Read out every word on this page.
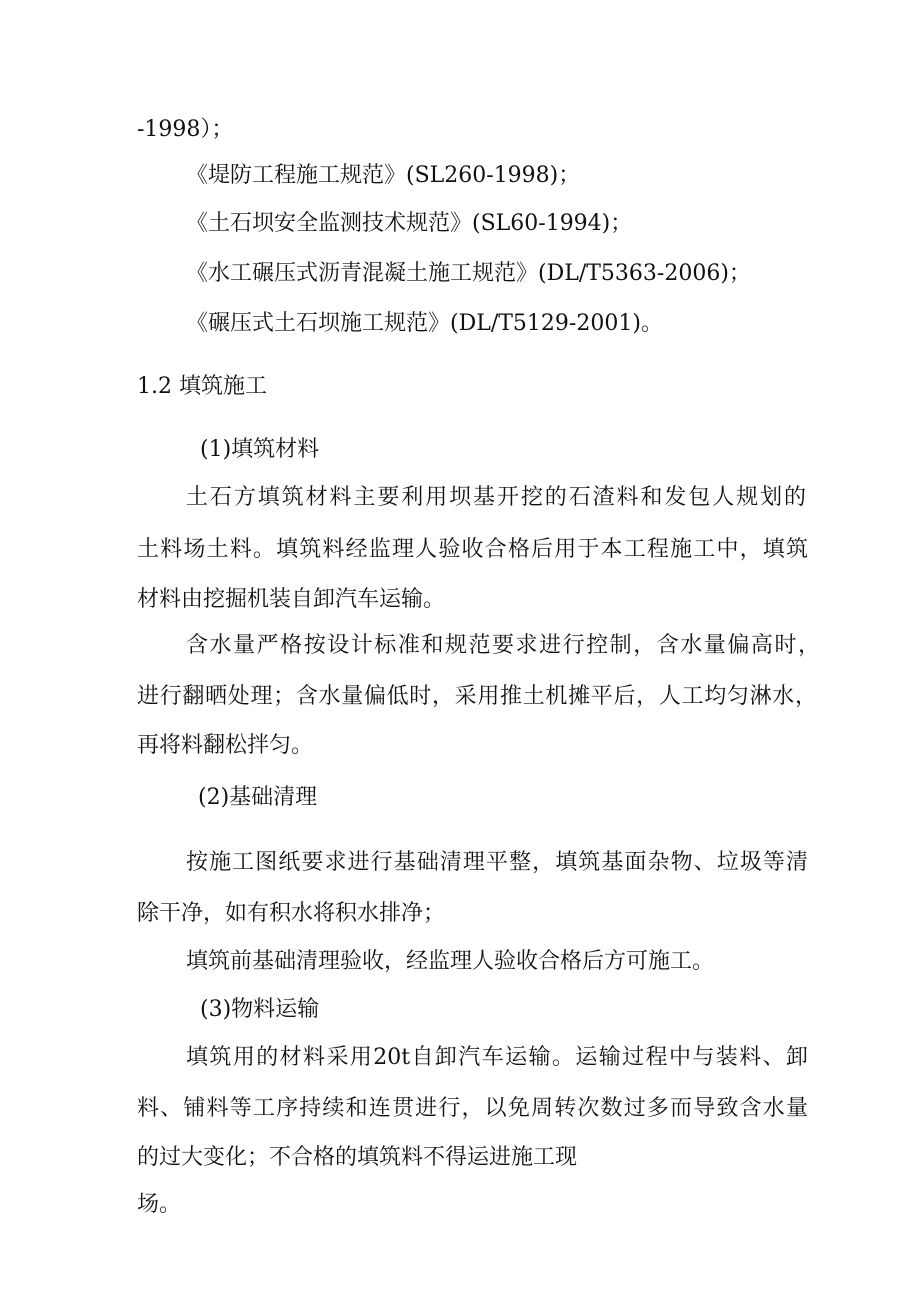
-1998）；
《堤防工程施工规范》(SL260-1998)；
《土石坝安全监测技术规范》(SL60-1994)；
《水工碾压式沥青混凝土施工规范》(DL/T5363-2006)；
《碾压式土石坝施工规范》(DL/T5129-2001)。
1.2 填筑施工
(1)填筑材料
土石方填筑材料主要利用坝基开挖的石渣料和发包人规划的
土料场土料。填筑料经监理人验收合格后用于本工程施工中，填筑
材料由挖掘机装自卸汽车运输。
含水量严格按设计标准和规范要求进行控制，含水量偏高时，
进行翻晒处理；含水量偏低时，采用推土机摊平后，人工均匀淋水，
再将料翻松拌匀。
(2)基础清理
按施工图纸要求进行基础清理平整，填筑基面杂物、垃圾等清
除干净，如有积水将积水排净；
填筑前基础清理验收，经监理人验收合格后方可施工。
(3)物料运输
填筑用的材料采用20t自卸汽车运输。运输过程中与装料、卸
料、铺料等工序持续和连贯进行，以免周转次数过多而导致含水量
的过大变化；不合格的填筑料不得运进施工现
场。
